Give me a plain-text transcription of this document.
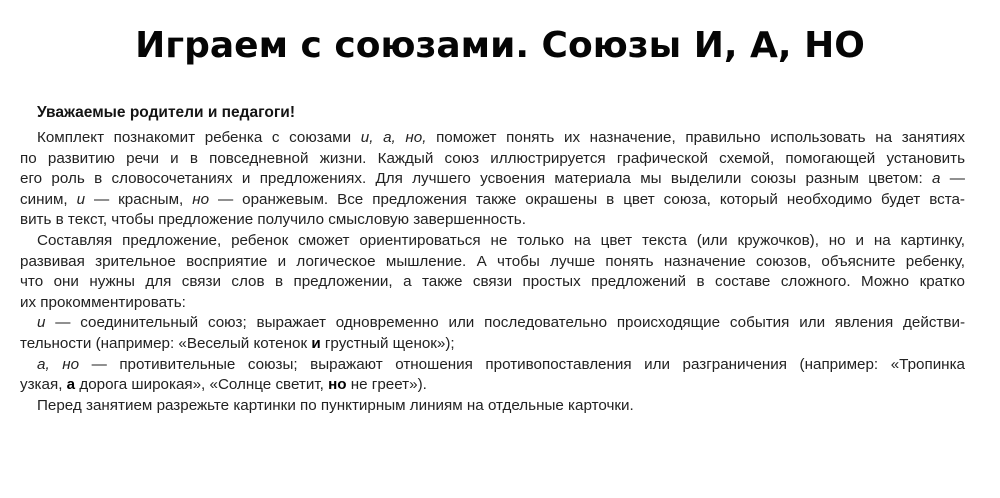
Играем с союзами. Союзы И, А, НО
Уважаемые родители и педагоги!
Комплект познакомит ребенка с союзами и, а, но, поможет понять их назначение, правильно использовать на занятиях
по развитию речи и в повседневной жизни. Каждый союз иллюстрируется графической схемой, помогающей установить
его роль в словосочетаниях и предложениях. Для лучшего усвоения материала мы выделили союзы разным цветом: а —
синим, и — красным, но — оранжевым. Все предложения также окрашены в цвет союза, который необходимо будет вста-
вить в текст, чтобы предложение получило смысловую завершенность.
Составляя предложение, ребенок сможет ориентироваться не только на цвет текста (или кружочков), но и на картинку,
развивая зрительное восприятие и логическое мышление. А чтобы лучше понять назначение союзов, объясните ребенку,
что они нужны для связи слов в предложении, а также связи простых предложений в составе сложного. Можно кратко
их прокомментировать:
и — соединительный союз; выражает одновременно или последовательно происходящие события или явления действи-
тельности (например: «Веселый котенок и грустный щенок»);
а, но — противительные союзы; выражают отношения противопоставления или разграничения (например: «Тропинка
узкая, а дорога широкая», «Солнце светит, но не греет»).
Перед занятием разрежьте картинки по пунктирным линиям на отдельные карточки.
